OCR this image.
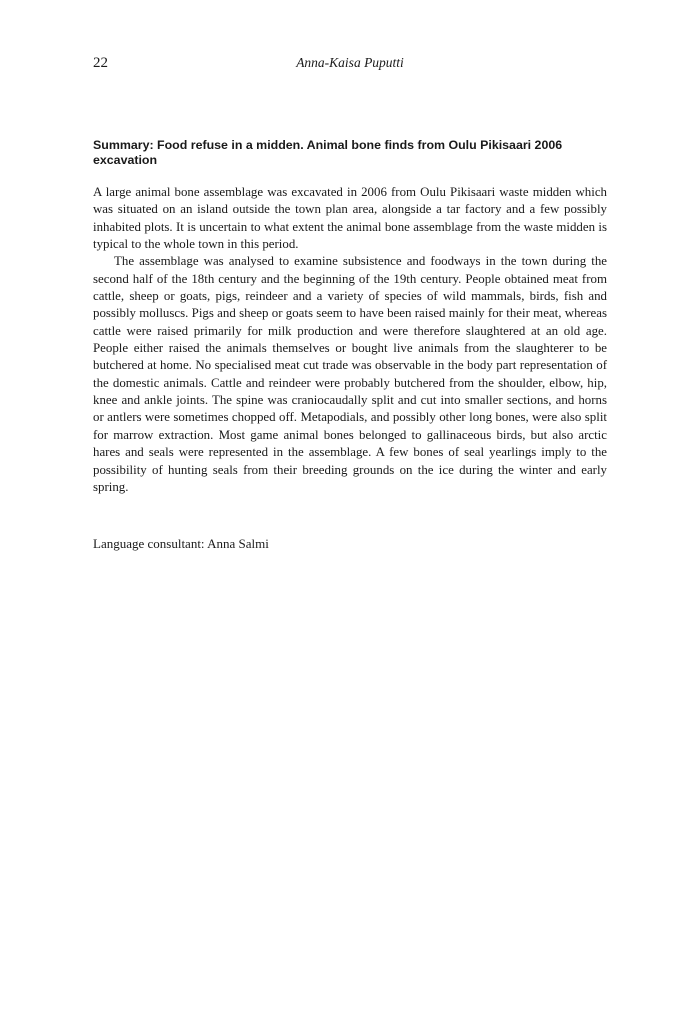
22	Anna-Kaisa Puputti
Summary: Food refuse in a midden. Animal bone finds from Oulu Pikisaari 2006 excavation

A large animal bone assemblage was excavated in 2006 from Oulu Pikisaari waste midden which was situated on an island outside the town plan area, alongside a tar factory and a few possibly inhabited plots. It is uncertain to what extent the animal bone assemblage from the waste midden is typical to the whole town in this period.

The assemblage was analysed to examine subsistence and foodways in the town during the second half of the 18th century and the beginning of the 19th century. People obtained meat from cattle, sheep or goats, pigs, reindeer and a variety of species of wild mammals, birds, fish and possibly molluscs. Pigs and sheep or goats seem to have been raised mainly for their meat, whereas cattle were raised primarily for milk production and were therefore slaughtered at an old age. People either raised the animals themselves or bought live animals from the slaughterer to be butchered at home. No specialised meat cut trade was observable in the body part representation of the domestic animals. Cattle and reindeer were probably butchered from the shoulder, elbow, hip, knee and ankle joints. The spine was craniocaudally split and cut into smaller sections, and horns or antlers were sometimes chopped off. Metapodials, and possibly other long bones, were also split for marrow extraction. Most game animal bones belonged to gallinaceous birds, but also arctic hares and seals were represented in the assemblage. A few bones of seal yearlings imply to the possibility of hunting seals from their breeding grounds on the ice during the winter and early spring.

Language consultant: Anna Salmi
